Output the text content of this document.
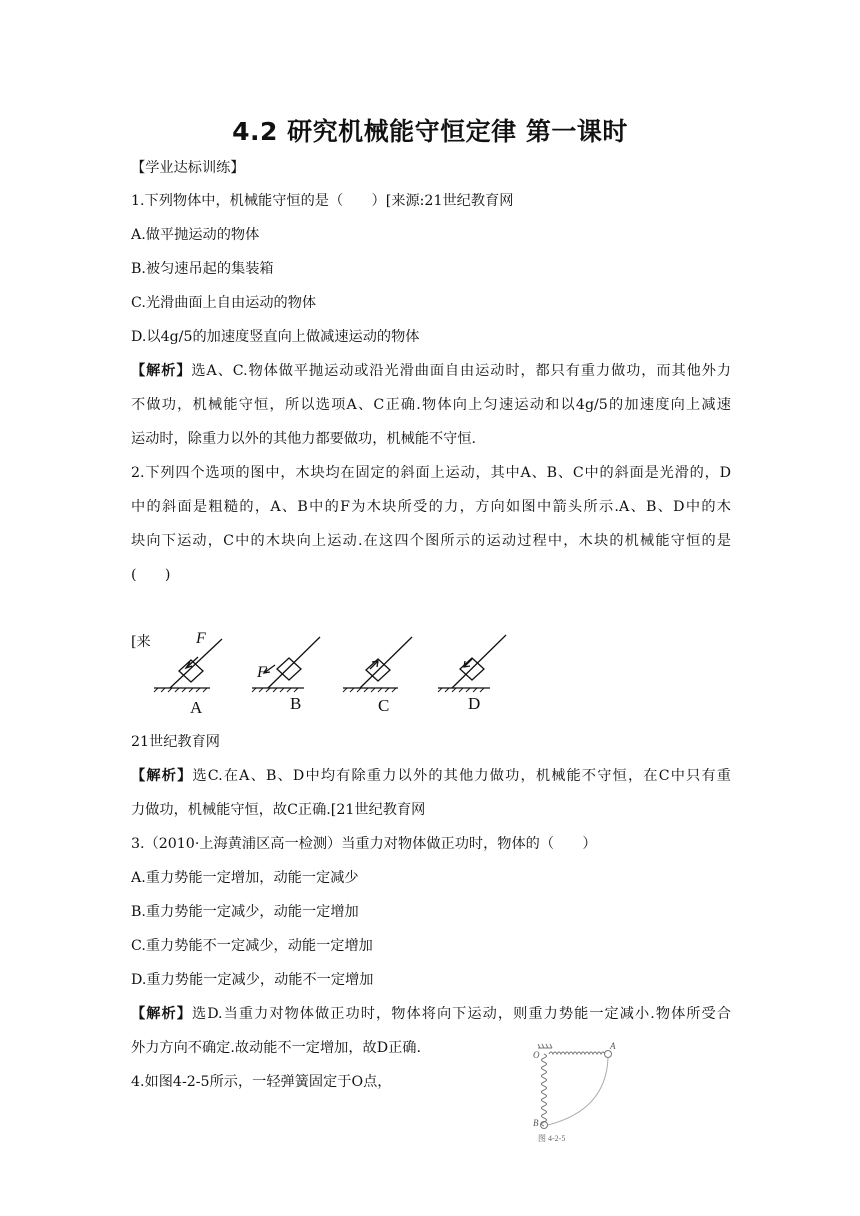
4.2 研究机械能守恒定律 第一课时

【学业达标训练】

1.下列物体中，机械能守恒的是（　　）[来源:21世纪教育网

A.做平抛运动的物体

B.被匀速吊起的集装箱

C.光滑曲面上自由运动的物体

D.以4g/5的加速度竖直向上做减速运动的物体

【解析】选A、C.物体做平抛运动或沿光滑曲面自由运动时，都只有重力做功，而其他外力

不做功，机械能守恒，所以选项A、C正确.物体向上匀速运动和以4g/5的加速度向上减速

运动时，除重力以外的其他力都要做功，机械能不守恒.

2.下列四个选项的图中，木块均在固定的斜面上运动，其中A、B、C中的斜面是光滑的，D

中的斜面是粗糙的，A、B中的F为木块所受的力，方向如图中箭头所示.A、B、D中的木

块向下运动，C中的木块向上运动.在这四个图所示的运动过程中，木块的机械能守恒的是

(　　)

[来	F
F
A	B	C	D

21世纪教育网

【解析】选C.在A、B、D中均有除重力以外的其他力做功，机械能不守恒，在C中只有重

力做功，机械能守恒，故C正确.[21世纪教育网

3.（2010·上海黄浦区高一检测）当重力对物体做正功时，物体的（　　）

A.重力势能一定增加，动能一定减少

B.重力势能一定减少，动能一定增加

C.重力势能不一定减少，动能一定增加

D.重力势能一定减少，动能不一定增加

【解析】选D.当重力对物体做正功时，物体将向下运动，则重力势能一定减小.物体所受合

外力方向不确定.故动能不一定增加，故D正确.

4.如图4-2-5所示，一轻弹簧固定于O点，

O
A
B
图 4-2-5
